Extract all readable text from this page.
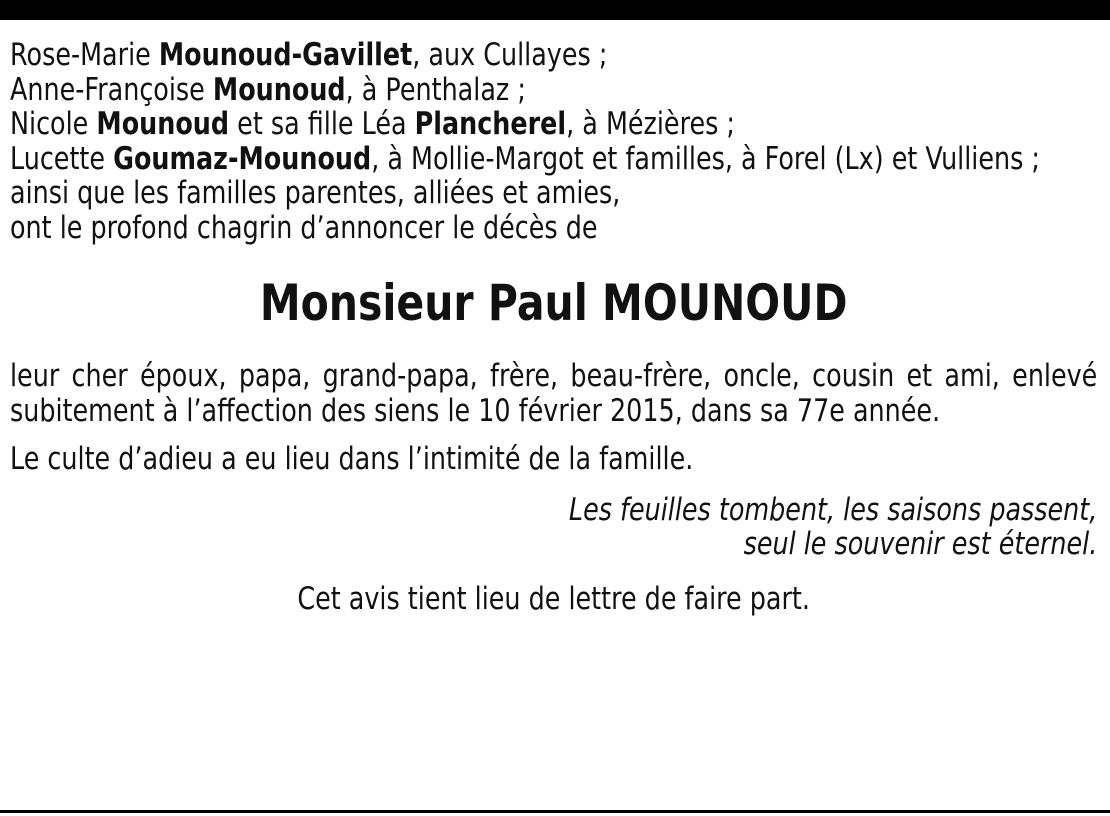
Rose-Marie Mounoud-Gavillet, aux Cullayes ;

Anne-Françoise Mounoud, à Penthalaz ;

Nicole Mounoud et sa fille Léa Plancherel, à Mézières ;

Lucette Goumaz-Mounoud, à Mollie-Margot et familles, à Forel (Lx) et Vulliens ;

ainsi que les familles parentes, alliées et amies,

ont le profond chagrin d’annoncer le décès de

Monsieur Paul MOUNOUD

leur cher époux, papa, grand-papa, frère, beau-frère, oncle, cousin et ami, enlevé subitement à l’affection des siens le 10 février 2015, dans sa 77e année.

Le culte d’adieu a eu lieu dans l’intimité de la famille.

Les feuilles tombent, les saisons passent,
seul le souvenir est éternel.

Cet avis tient lieu de lettre de faire part.
